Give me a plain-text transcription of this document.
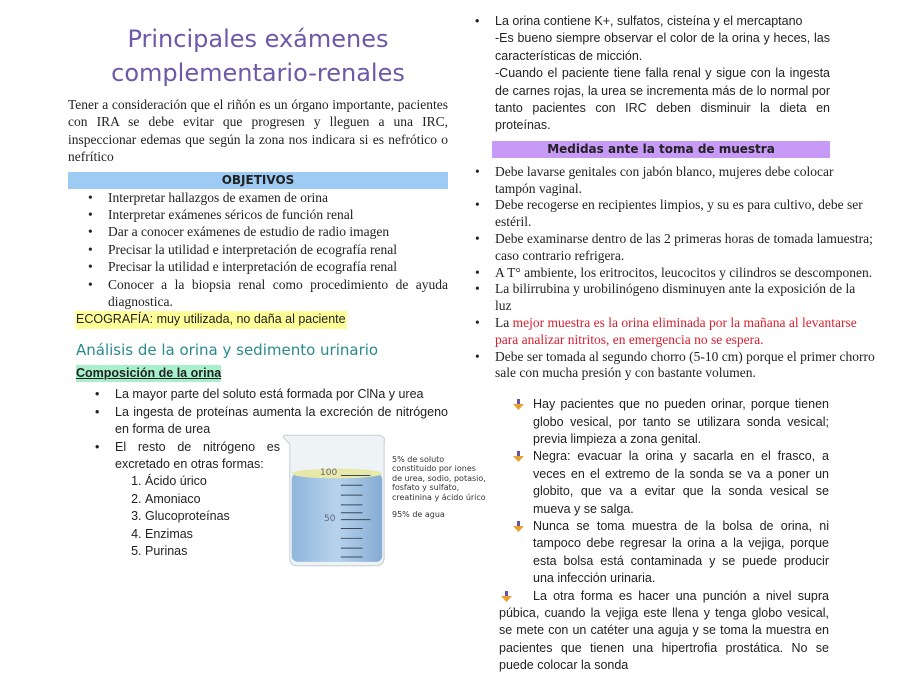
Principales exámenes
complementario-renales
Tener a consideración que el riñón es un órgano importante, pacientes con IRA se debe evitar que progresen y lleguen a una IRC, inspeccionar edemas que según la zona nos indicara si es nefrótico o nefrítico
OBJETIVOS
• Interpretar hallazgos de examen de orina
• Interpretar exámenes séricos de función renal
• Dar a conocer exámenes de estudio de radio imagen
• Precisar la utilidad e interpretación de ecografía renal
• Precisar la utilidad e interpretación de ecografía renal
• Conocer a la biopsia renal como procedimiento de ayuda diagnostica.
ECOGRAFÍA: muy utilizada, no daña al paciente
Análisis de la orina y sedimento urinario
Composición de la orina
• La mayor parte del soluto está formada por ClNa y urea
• La ingesta de proteínas aumenta la excreción de nitrógeno en forma de urea
• El resto de nitrógeno es excretado en otras formas:
1. Ácido úrico
2. Amoniaco
3. Glucoproteínas
4. Enzimas
5. Purinas
100
50
5% de soluto constituido por iones de urea, sodio, potasio, fosfato y sulfato, creatinina y ácido úrico
95% de agua
• La orina contiene K+, sulfatos, cisteína y el mercaptano
-Es bueno siempre observar el color de la orina y heces, las características de micción.
-Cuando el paciente tiene falla renal y sigue con la ingesta de carnes rojas, la urea se incrementa más de lo normal por tanto pacientes con IRC deben disminuir la dieta en proteínas.
Medidas ante la toma de muestra
• Debe lavarse genitales con jabón blanco, mujeres debe colocar tampón vaginal.
• Debe recogerse en recipientes limpios, y su es para cultivo, debe ser estéril.
• Debe examinarse dentro de las 2 primeras horas de tomada lamuestra; caso contrario refrigera.
• A T° ambiente, los eritrocitos, leucocitos y cilindros se descomponen.
• La bilirrubina y urobilinógeno disminuyen ante la exposición de la luz
• La mejor muestra es la orina eliminada por la mañana al levantarse para analizar nitritos, en emergencia no se espera.
• Debe ser tomada al segundo chorro (5-10 cm) porque el primer chorro sale con mucha presión y con bastante volumen.
Hay pacientes que no pueden orinar, porque tienen globo vesical, por tanto se utilizara sonda vesical; previa limpieza a zona genital.
Negra: evacuar la orina y sacarla en el frasco, a veces en el extremo de la sonda se va a poner un globito, que va a evitar que la sonda vesical se mueva y se salga.
Nunca se toma muestra de la bolsa de orina, ni tampoco debe regresar la orina a la vejiga, porque esta bolsa está contaminada y se puede producir una infección urinaria.
La otra forma es hacer una punción a nivel supra púbica, cuando la vejiga este llena y tenga globo vesical, se mete con un catéter una aguja y se toma la muestra en pacientes que tienen una hipertrofia prostática. No se puede colocar la sonda
